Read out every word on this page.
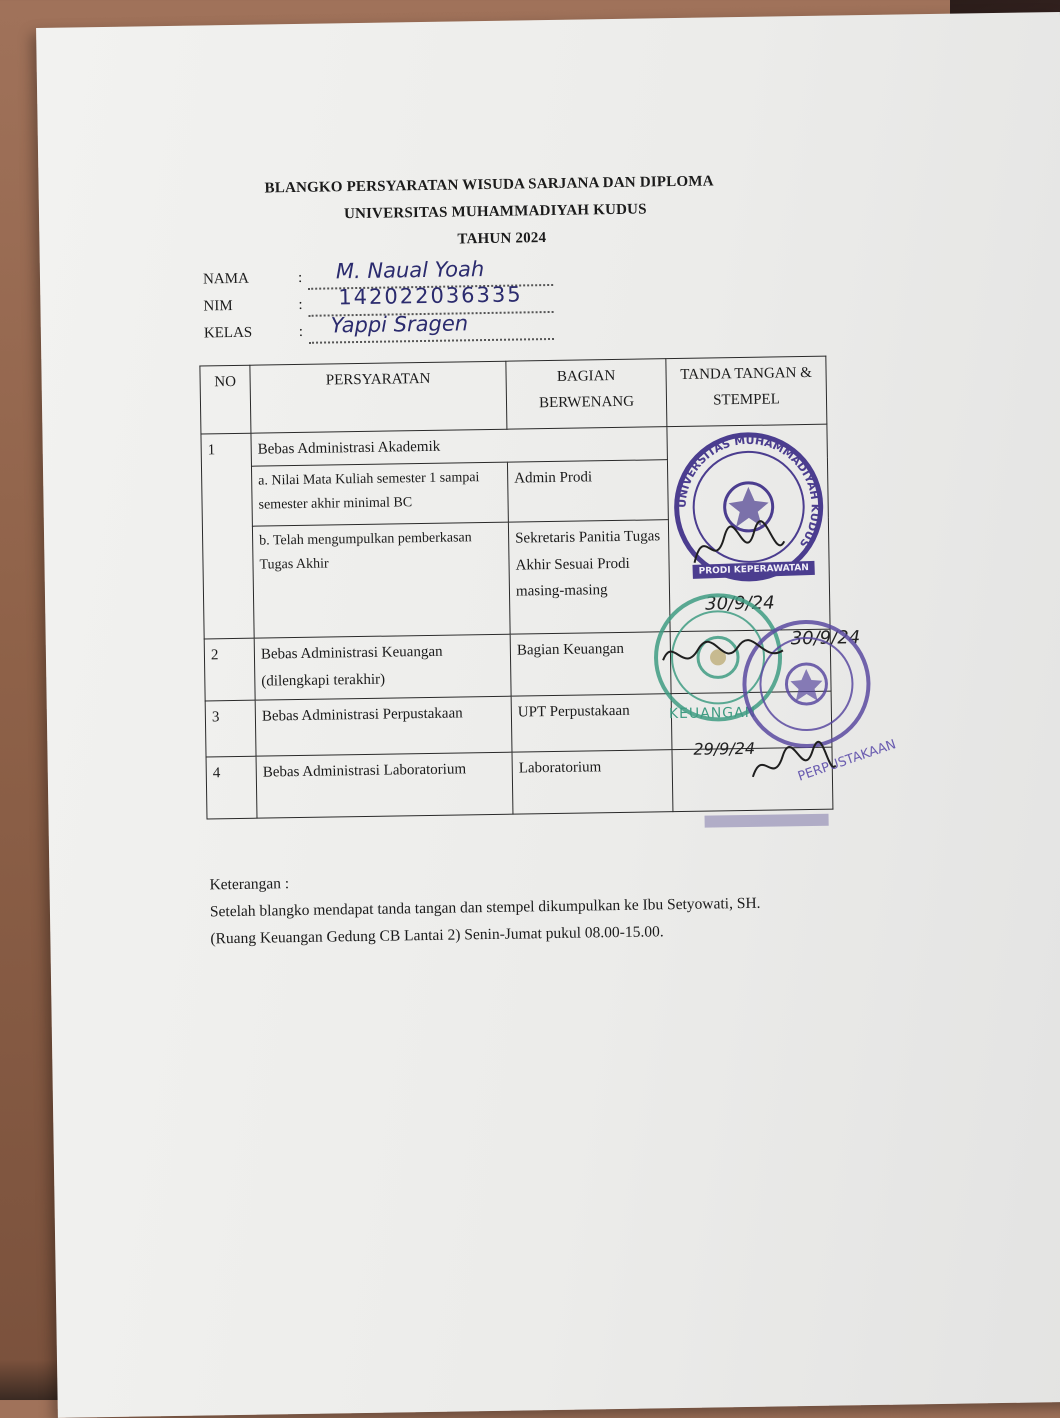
BLANGKO PERSYARATAN WISUDA SARJANA DAN DIPLOMA
UNIVERSITAS MUHAMMADIYAH KUDUS
TAHUN 2024
NAMA	: M. Naual Yoah
NIM	: 142022036335
KELAS	: Yappi Sragen
NO	PERSYARATAN	BAGIAN BERWENANG	TANDA TANGAN & STEMPEL
1	Bebas Administrasi Akademik		
	a. Nilai Mata Kuliah semester 1 sampai semester akhir minimal BC	Admin Prodi	
	b. Telah mengumpulkan pemberkasan Tugas Akhir	Sekretaris Panitia Tugas Akhir Sesuai Prodi masing-masing	
2	Bebas Administrasi Keuangan (dilengkapi terakhir)	Bagian Keuangan	
3	Bebas Administrasi Perpustakaan	UPT Perpustakaan	
4	Bebas Administrasi Laboratorium	Laboratorium	
UNIVERSITAS MUHAMMADIYAH KUDUS
PRODI KEPERAWATAN
30/9/24
KEUANGAN
30/9/24
PERPUSTAKAAN
29/9/24
Keterangan :
Setelah blangko mendapat tanda tangan dan stempel dikumpulkan ke Ibu Setyowati, SH.
(Ruang Keuangan Gedung CB Lantai 2) Senin-Jumat pukul 08.00-15.00.
